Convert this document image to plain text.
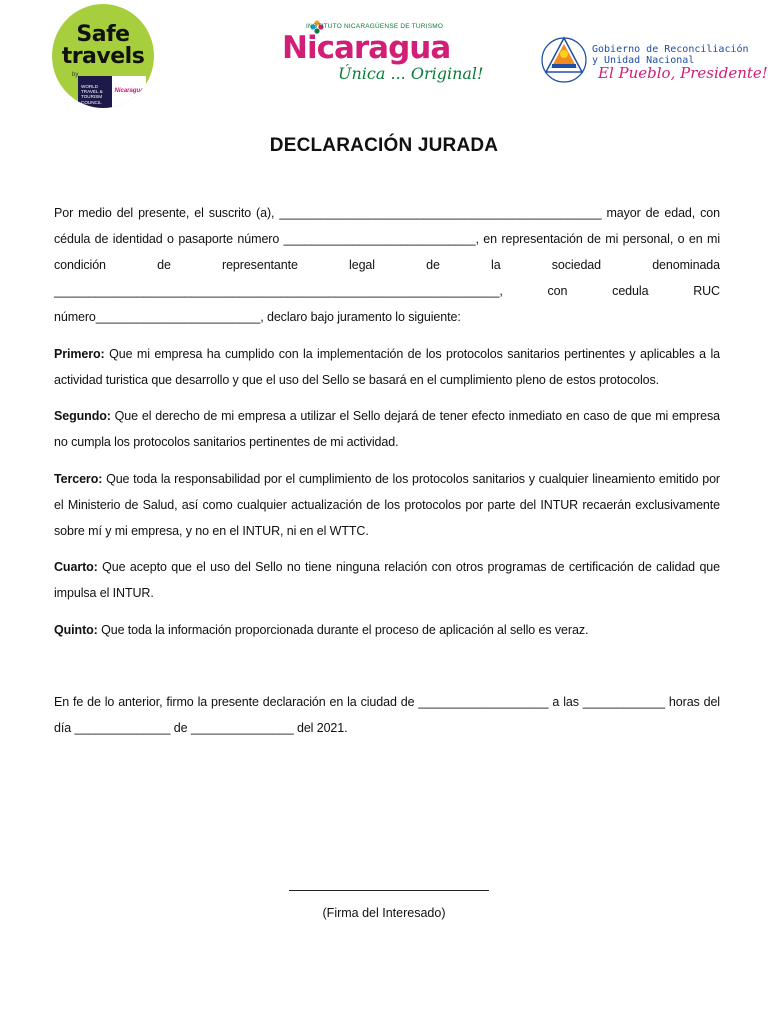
Safe
travels
by
WORLD
TRAVEL &
TOURISM
COUNCIL
Nicaragua
INSTITUTO NICARAGÜENSE DE TURISMO
Nicaragua
Única ... Original!
Gobierno de Reconciliación
y Unidad Nacional
El Pueblo, Presidente!
DECLARACIÓN JURADA
Por medio del presente, el suscrito (a), _______________________________________________ mayor de edad, con
cédula de identidad o pasaporte número ____________________________, en representación de mi personal, o en mi
condición de representante legal de la sociedad denominada
_________________________________________________________________, con cedula RUC
número________________________, declaro bajo juramento lo siguiente:
Primero: Que mi empresa ha cumplido con la implementación de los protocolos sanitarios pertinentes y aplicables a la actividad turistica que desarrollo y que el uso del Sello se basará en el cumplimiento pleno de estos protocolos.
Segundo: Que el derecho de mi empresa a utilizar el Sello dejará de tener efecto inmediato en caso de que mi empresa no cumpla los protocolos sanitarios pertinentes de mi actividad.
Tercero: Que toda la responsabilidad por el cumplimiento de los protocolos sanitarios y cualquier lineamiento emitido por el Ministerio de Salud, así como cualquier actualización de los protocolos por parte del INTUR recaerán exclusivamente sobre mí y mi empresa, y no en el INTUR, ni en el WTTC.
Cuarto: Que acepto que el uso del Sello no tiene ninguna relación con otros programas de certificación de calidad que impulsa el INTUR.
Quinto: Que toda la información proporcionada durante el proceso de aplicación al sello es veraz.
En fe de lo anterior, firmo la presente declaración en la ciudad de ___________________ a las ____________ horas del día ______________ de _______________ del 2021.
(Firma del Interesado)
